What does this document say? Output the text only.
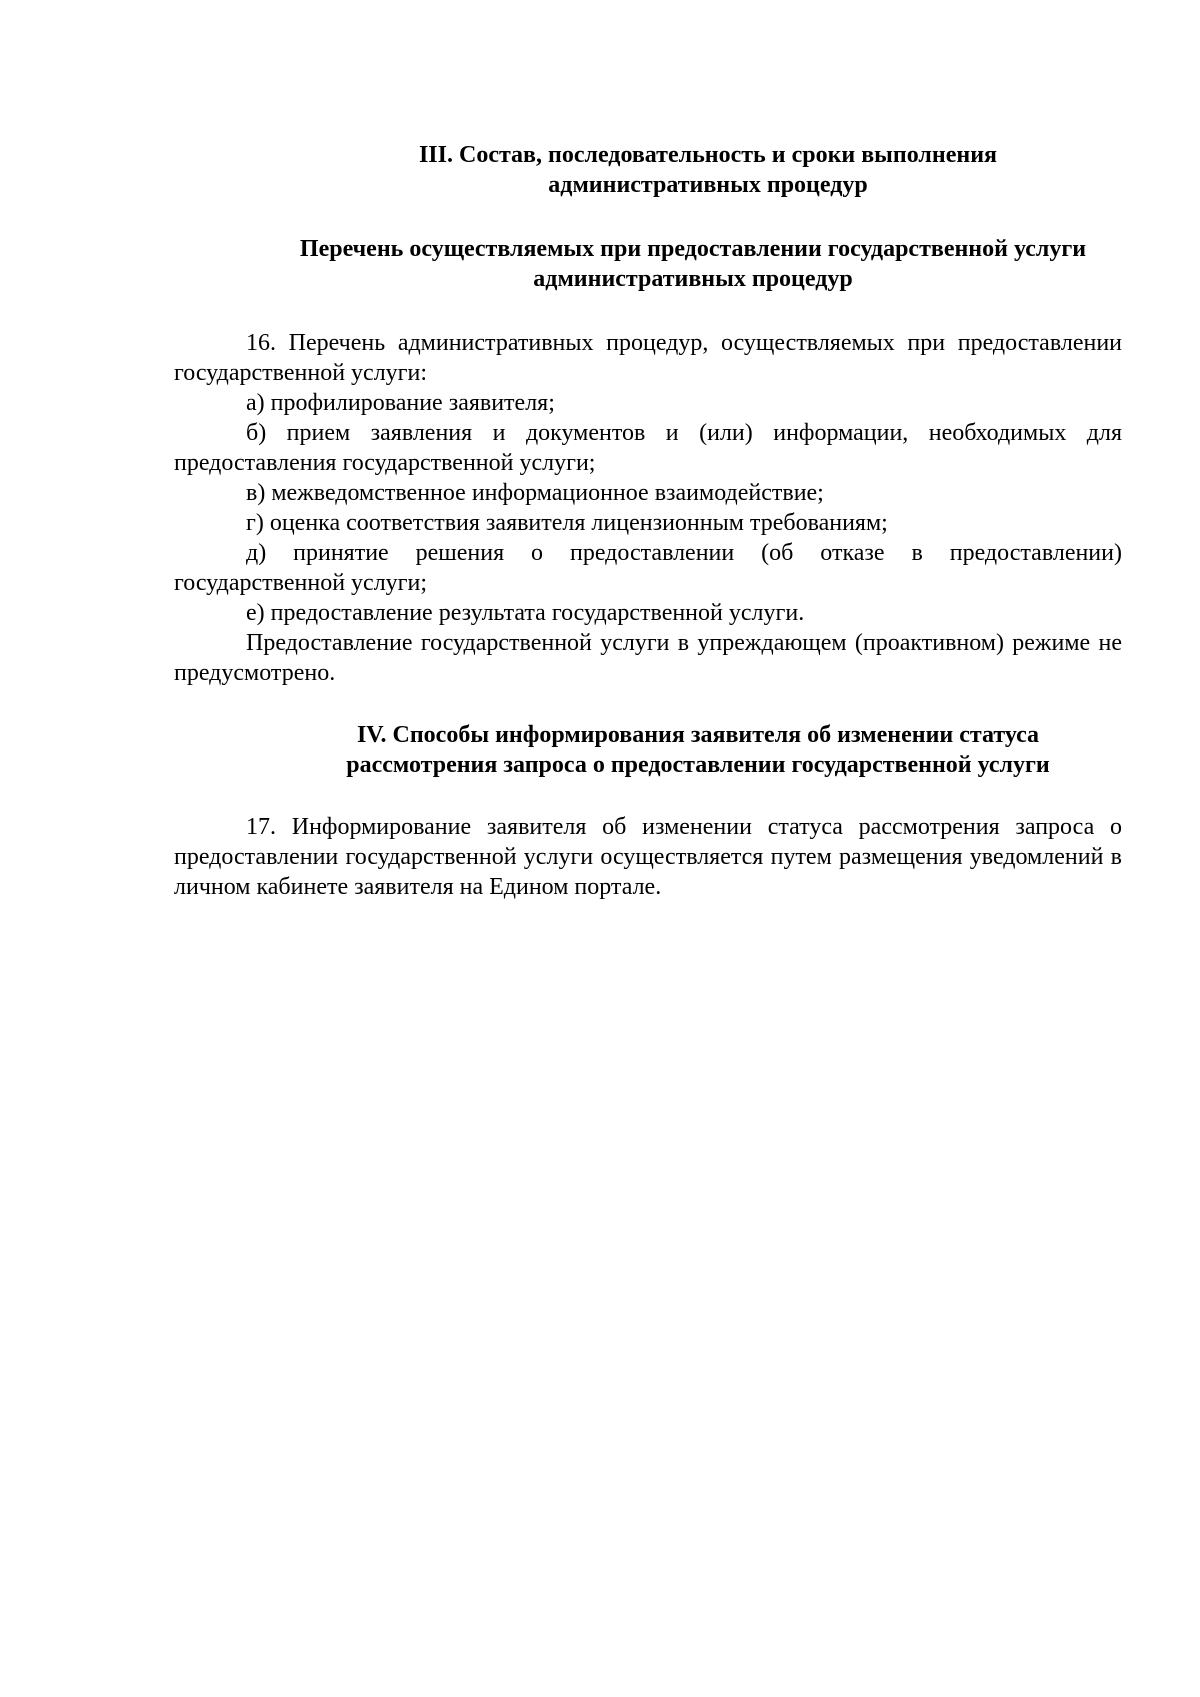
III. Состав, последовательность и сроки выполнения
административных процедур
Перечень осуществляемых при предоставлении государственной услуги
административных процедур

16. Перечень административных процедур, осуществляемых при предоставлении государственной услуги:

а) профилирование заявителя;

б) прием заявления и документов и (или) информации, необходимых для предоставления государственной услуги;

в) межведомственное информационное взаимодействие;

г) оценка соответствия заявителя лицензионным требованиям;

д) принятие решения о предоставлении (об отказе в предоставлении) государственной услуги;

е) предоставление результата государственной услуги.

Предоставление государственной услуги в упреждающем (проактивном) режиме не предусмотрено.

IV. Способы информирования заявителя об изменении статуса
рассмотрения запроса о предоставлении государственной услуги

17. Информирование заявителя об изменении статуса рассмотрения запроса о предоставлении государственной услуги осуществляется путем размещения уведомлений в личном кабинете заявителя на Едином портале.
